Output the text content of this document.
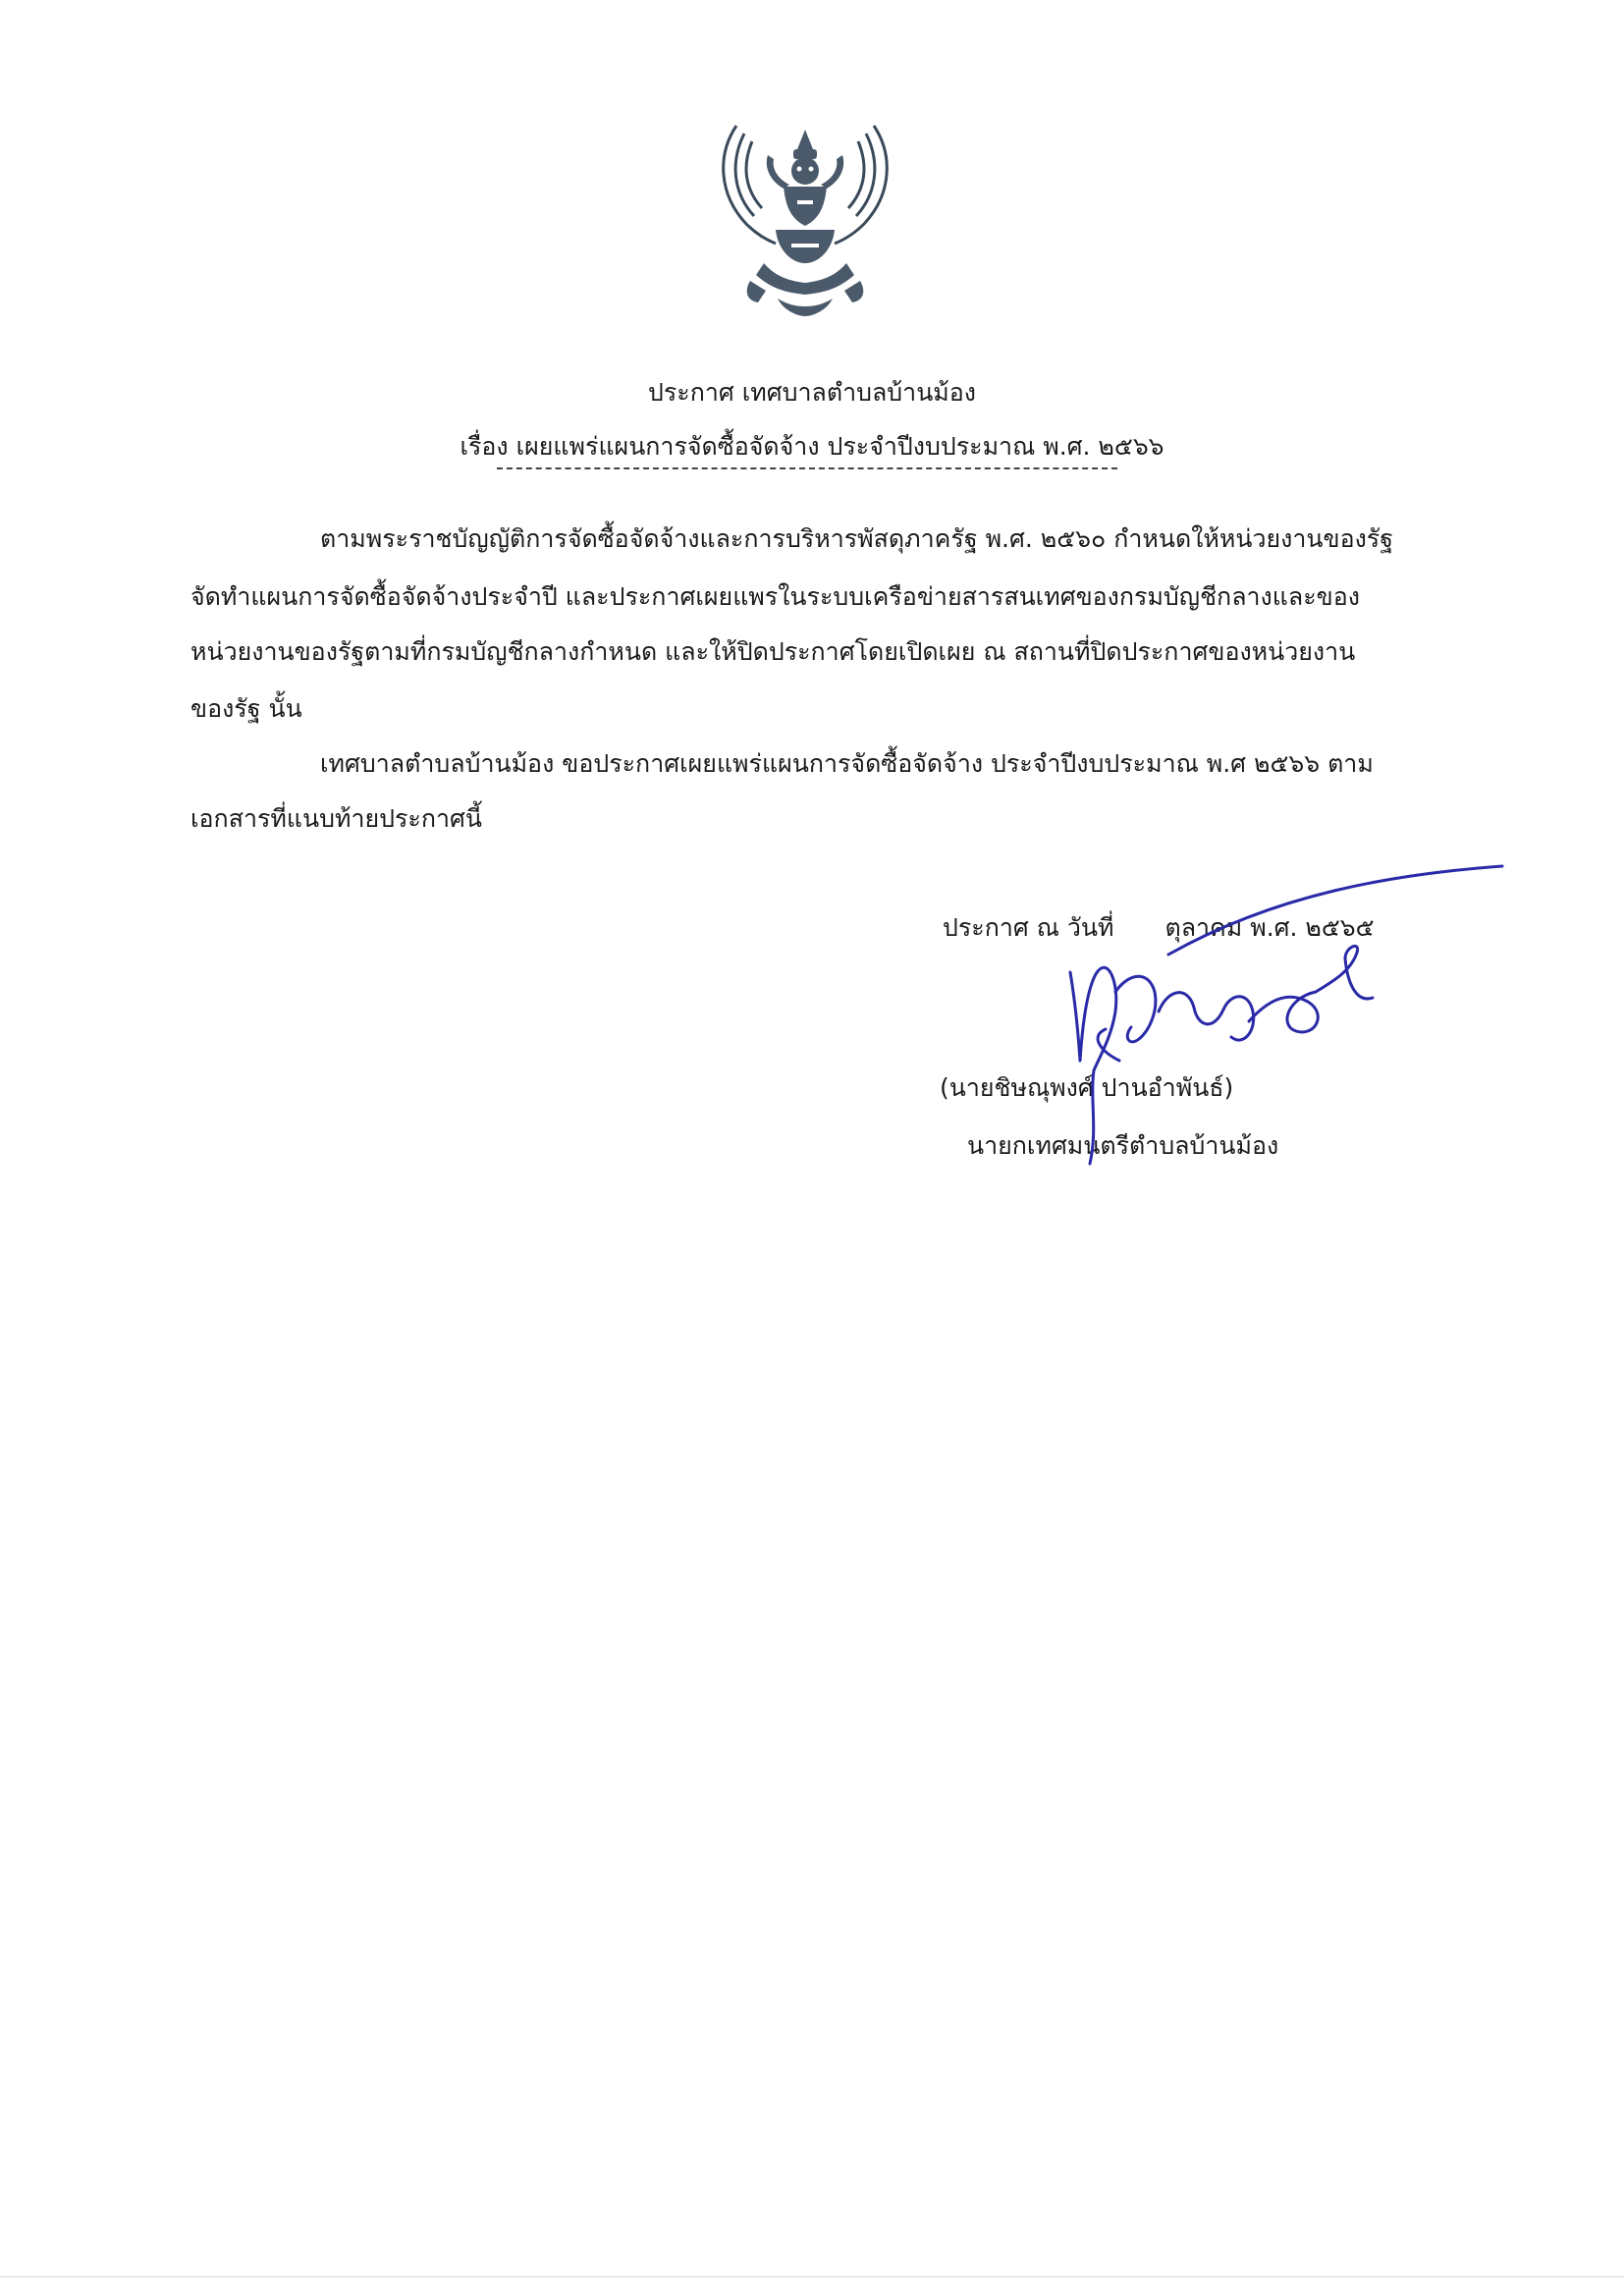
ประกาศ เทศบาลตำบลบ้านม้อง
เรื่อง เผยแพร่แผนการจัดซื้อจัดจ้าง ประจำปีงบประมาณ พ.ศ. ๒๕๖๖
ตามพระราชบัญญัติการจัดซื้อจัดจ้างและการบริหารพัสดุภาครัฐ พ.ศ. ๒๕๖๐ กำหนดให้หน่วยงานของรัฐ
จัดทำแผนการจัดซื้อจัดจ้างประจำปี และประกาศเผยแพรในระบบเครือข่ายสารสนเทศของกรมบัญชีกลางและของ
หน่วยงานของรัฐตามที่กรมบัญชีกลางกำหนด และให้ปิดประกาศโดยเปิดเผย ณ สถานที่ปิดประกาศของหน่วยงาน
ของรัฐ นั้น
เทศบาลตำบลบ้านม้อง ขอประกาศเผยแพร่แผนการจัดซื้อจัดจ้าง ประจำปีงบประมาณ พ.ศ ๒๕๖๖ ตาม
เอกสารที่แนบท้ายประกาศนี้
ประกาศ ณ วันที่ ตุลาคม พ.ศ. ๒๕๖๕
(นายชิษณุพงศ์ ปานอำพันธ์)
นายกเทศมนตรีตำบลบ้านม้อง
